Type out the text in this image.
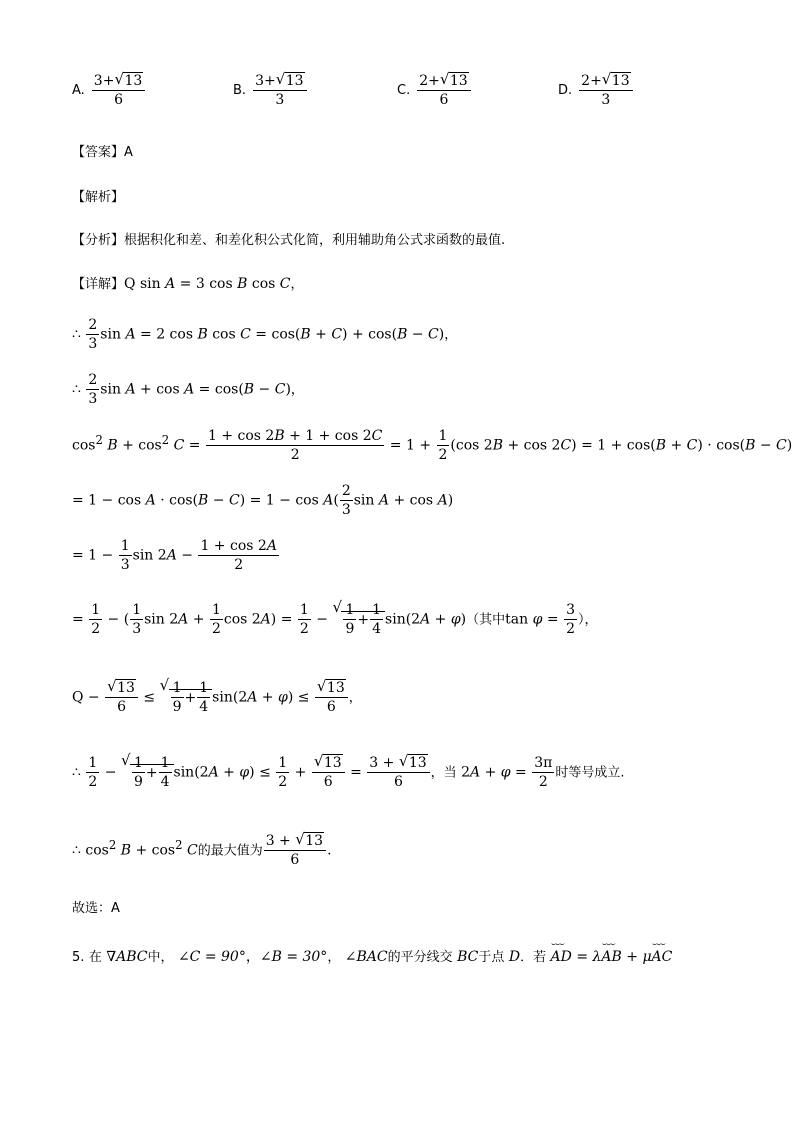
A. $\frac{3+ √ 13}{6}$	B. $\frac{3+ √ 13}{3}$	C. $\frac{2+ √ 13}{6}$	D. $\frac{2+ √ 13}{3}$
【答案】A
【解析】
【分析】根据积化和差、和差化积公式化简，利用辅助角公式求函数的最值.
【详解】Q sin A = 3 cos B cos C，
∴ $\frac{2}{3}$ sin A = 2 cos B cos C = cos(B + C) + cos(B − C)，
∴ $\frac{2}{3}$ sin A + cos A = cos(B − C)，
$\cos^2 B + \cos^2 C = \frac{1 + \cos 2B + 1 + \cos 2C}{2} = 1 + \frac{1}{2} (\cos$ 2B + cos 2C) = 1 + cos(B + C) · cos(B − C)
= $1 - \cos A \cdot \cos(B - C) = 1 - \cos A( \frac{2}{3}$ sin A + cos A)
= $1 - \frac{1}{3}$ $\sin 2A - \frac{1 + \cos 2A}{2}$
= $\frac{1}{2}$ − ( $\frac{1}{3}$ $\sin 2A + \frac{1}{2}$ $\cos 2A) = \frac{1}{2}$ − √ $\frac{1}{9} + \frac{1}{4} \sin(2A + \varphi)$（其中$\tan \varphi = \frac{3}{2}$ ），
Q − √ $\frac{13}{6}$ ≤ √ $\frac{1}{9} + \frac{1}{4} \sin(2A + \varphi)$ ≤ √ $\frac{13}{6}$ ，
∴ $\frac{1}{2}$ − √ $\frac{1}{9} + \frac{1}{4} \sin(2A + \varphi) \le \frac{1}{2}$ + √ $\frac{13}{6} = \frac{3 + √ 13}{6}$ ，当 $2A + \varphi = \frac{3\pi}{2}$ 时等号成立.
∴ $\cos^2 B + \cos^2 C$的最大值为 $\frac{3 + √ 13}{6}$ .
故选：A
5. 在 ∇ABC中， ∠C = 90°，∠B = 30°， ∠BAC的平分线交 BC于点 D．若 ⌣⌣⌣ AD = λ⌣⌣⌣ AB + μ⌣⌣⌣ AC
